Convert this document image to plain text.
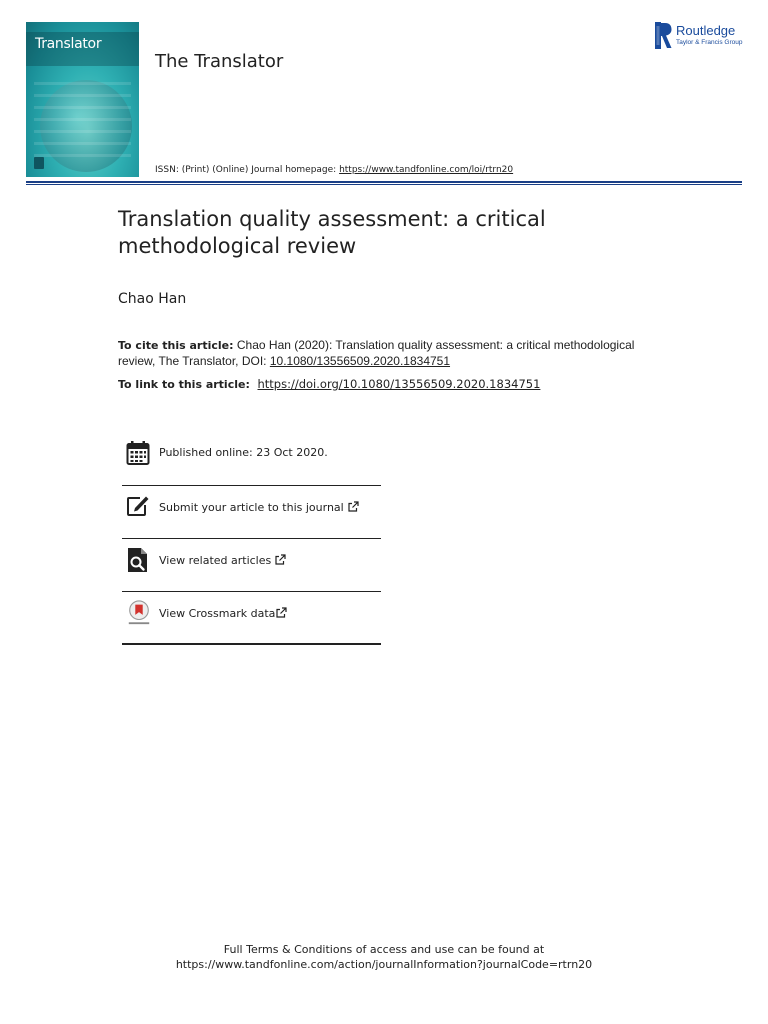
Translator
The Translator
Routledge
Taylor & Francis Group
ISSN: (Print) (Online) Journal homepage: https://www.tandfonline.com/loi/rtrn20
Translation quality assessment: a critical methodological review
Chao Han
To cite this article: Chao Han (2020): Translation quality assessment: a critical methodological review, The Translator, DOI: 10.1080/13556509.2020.1834751
To link to this article: https://doi.org/10.1080/13556509.2020.1834751
Published online: 23 Oct 2020.
Submit your article to this journal
View related articles
View Crossmark data
Full Terms & Conditions of access and use can be found at
https://www.tandfonline.com/action/journalInformation?journalCode=rtrn20
